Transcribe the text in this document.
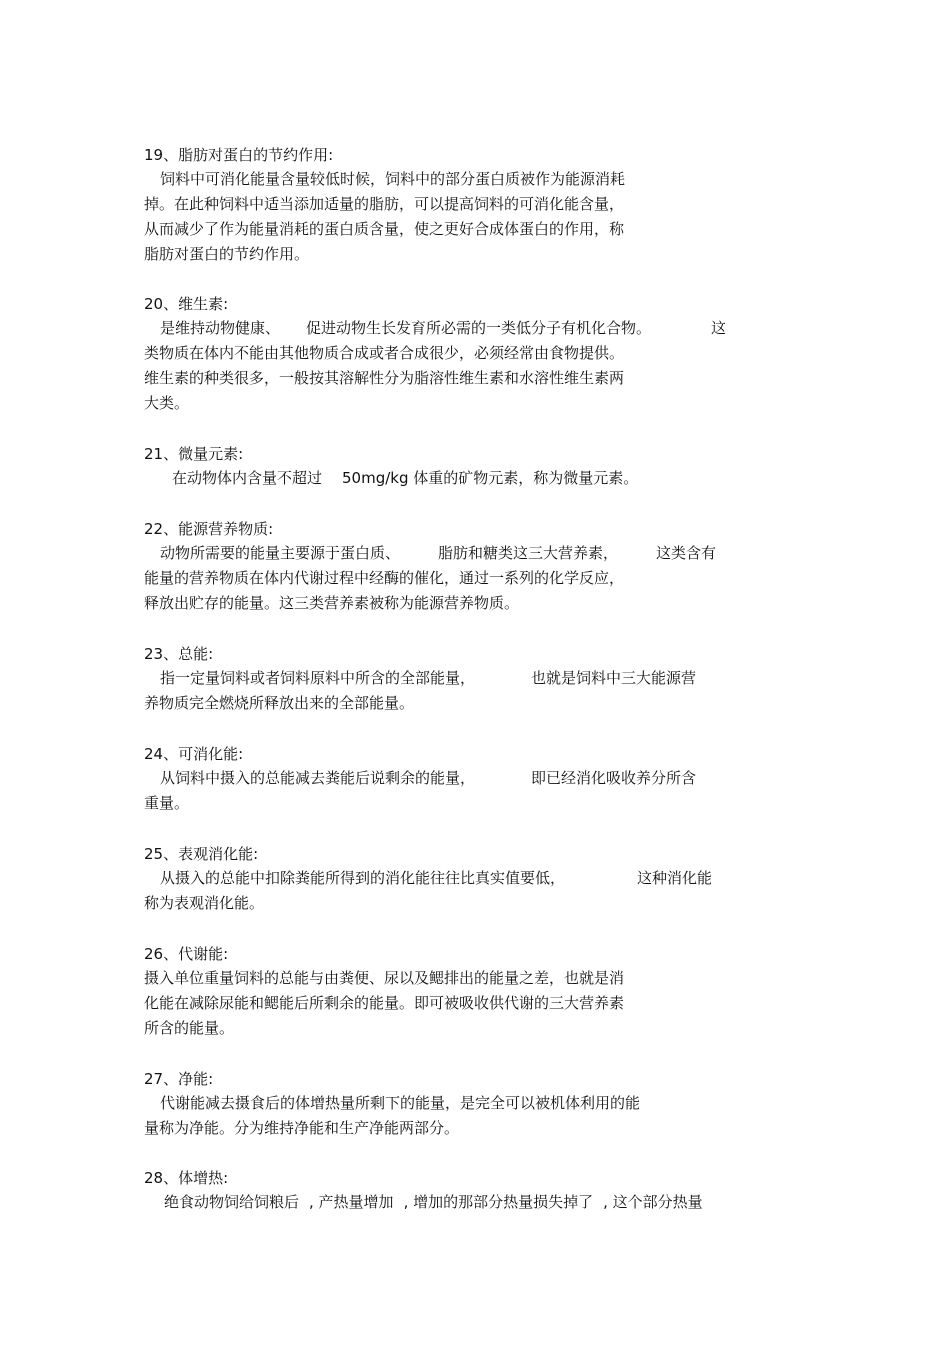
19、脂肪对蛋白的节约作用:
饲料中可消化能量含量较低时候，饲料中的部分蛋白质被作为能源消耗
掉。在此种饲料中适当添加适量的脂肪，可以提高饲料的可消化能含量，
从而减少了作为能量消耗的蛋白质含量，使之更好合成体蛋白的作用，称
脂肪对蛋白的节约作用。
20、维生素:
是维持动物健康、 促进动物生长发育所必需的一类低分子有机化合物。	这
类物质在体内不能由其他物质合成或者合成很少，必须经常由食物提供。
维生素的种类很多，一般按其溶解性分为脂溶性维生素和水溶性维生素两
大类。
21、微量元素:
在动物体内含量不超过 50mg/kg 体重的矿物元素，称为微量元素。
22、能源营养物质:
动物所需要的能量主要源于蛋白质、	脂肪和糖类这三大营养素，	这类含有
能量的营养物质在体内代谢过程中经酶的催化，通过一系列的化学反应，
释放出贮存的能量。这三类营养素被称为能源营养物质。
23、总能:
指一定量饲料或者饲料原料中所含的全部能量，	也就是饲料中三大能源营
养物质完全燃烧所释放出来的全部能量。
24、可消化能:
从饲料中摄入的总能减去粪能后说剩余的能量，	即已经消化吸收养分所含
重量。
25、表观消化能:
从摄入的总能中扣除粪能所得到的消化能往往比真实值要低，	这种消化能
称为表观消化能。
26、代谢能:
摄入单位重量饲料的总能与由粪便、尿以及鳃排出的能量之差，也就是消
化能在减除尿能和鳃能后所剩余的能量。即可被吸收供代谢的三大营养素
所含的能量。
27、净能:
代谢能减去摄食后的体增热量所剩下的能量，是完全可以被机体利用的能
量称为净能。分为维持净能和生产净能两部分。
28、体增热:
绝食动物饲给饲粮后 , 产热量增加 , 增加的那部分热量损失掉了 , 这个部分热量
